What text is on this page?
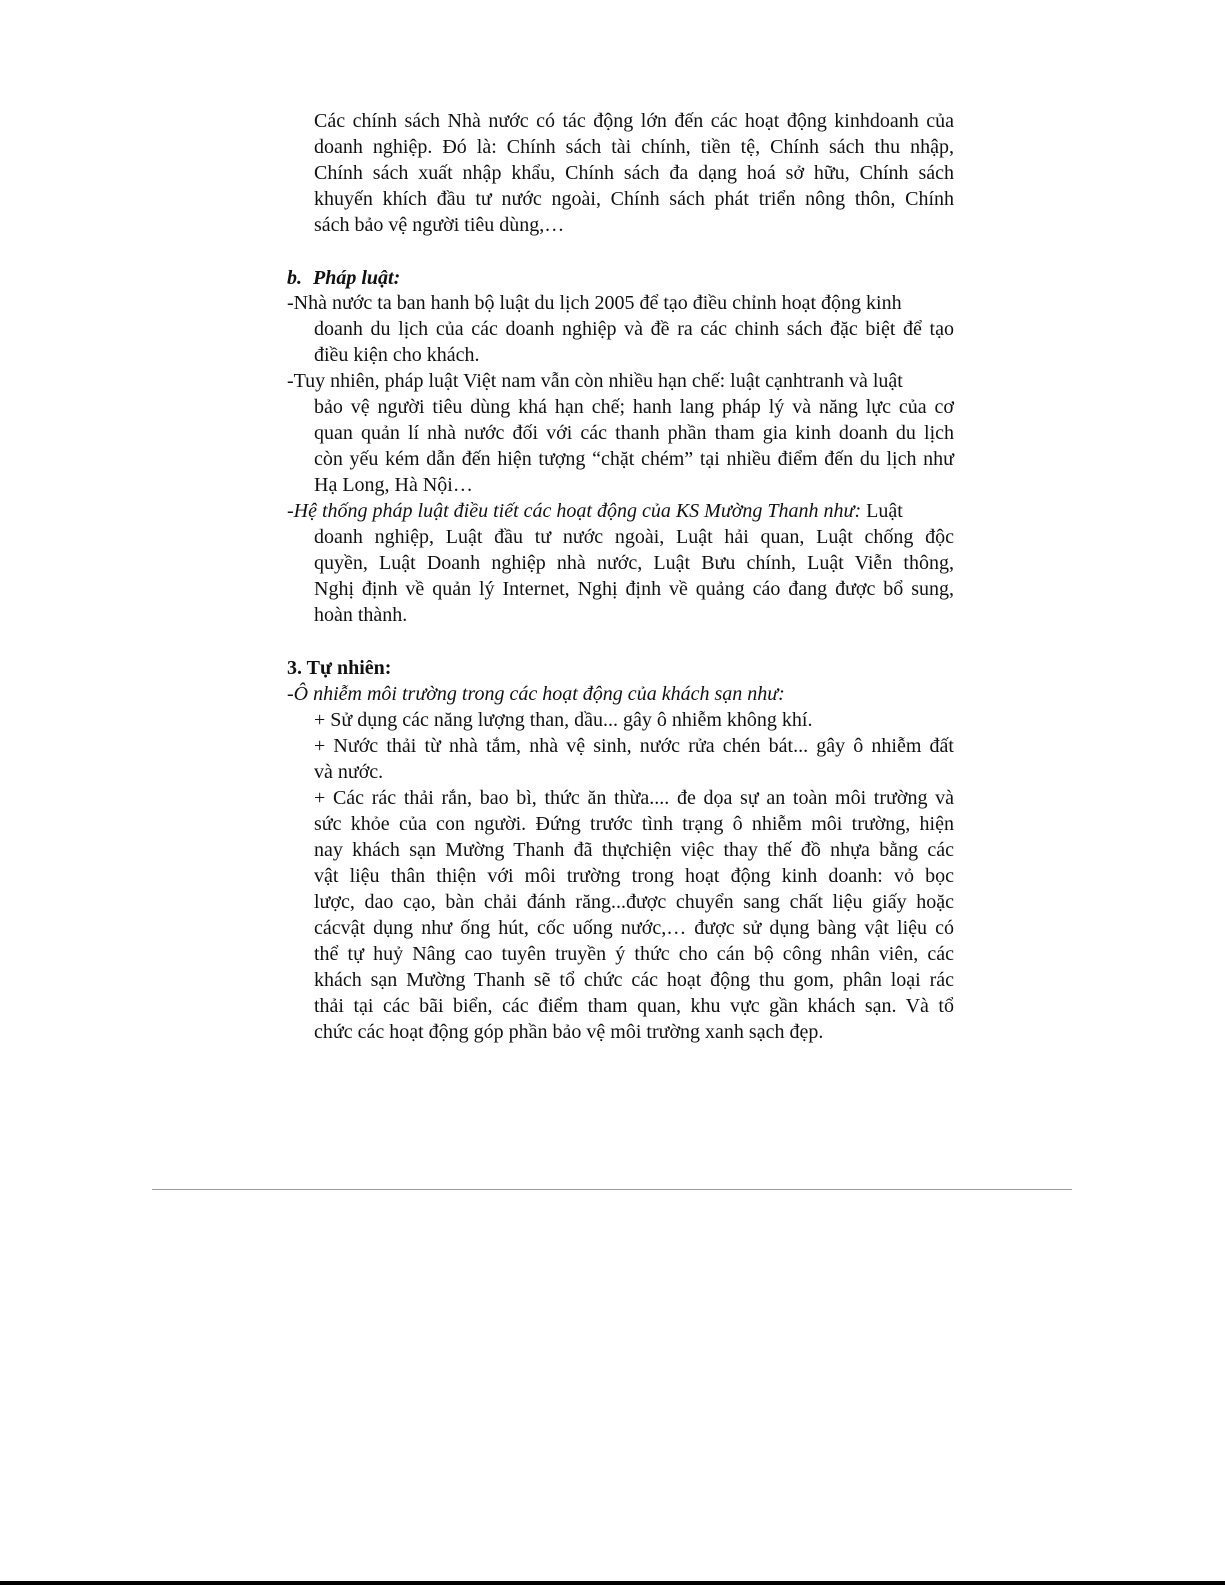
Các chính sách Nhà nước có tác động lớn đến các hoạt động kinhdoanh của
doanh nghiệp. Đó là: Chính sách tài chính, tiền tệ, Chính sách thu nhập,
Chính sách xuất nhập khẩu, Chính sách đa dạng hoá sở hữu, Chính sách
khuyến khích đầu tư nước ngoài, Chính sách phát triển nông thôn, Chính
sách bảo vệ người tiêu dùng,…
b. Pháp luật:
-Nhà nước ta ban hanh bộ luật du lịch 2005 để tạo điều chỉnh hoạt động kinh
doanh du lịch của các doanh nghiệp và đề ra các chinh sách đặc biệt để tạo
điều kiện cho khách.
-Tuy nhiên, pháp luật Việt nam vẫn còn nhiều hạn chế: luật cạnhtranh và luật
bảo vệ người tiêu dùng khá hạn chế; hanh lang pháp lý và năng lực của cơ
quan quản lí nhà nước đối với các thanh phần tham gia kinh doanh du lịch
còn yếu kém dẫn đến hiện tượng “chặt chém” tại nhiều điểm đến du lịch như
Hạ Long, Hà Nội…
-Hệ thống pháp luật điều tiết các hoạt động của KS Mường Thanh như: Luật
doanh nghiệp, Luật đầu tư nước ngoài, Luật hải quan, Luật chống độc
quyền, Luật Doanh nghiệp nhà nước, Luật Bưu chính, Luật Viễn thông,
Nghị định về quản lý Internet, Nghị định về quảng cáo đang được bổ sung,
hoàn thành.
3. Tự nhiên:
-Ô nhiễm môi trường trong các hoạt động của khách sạn như:
+ Sử dụng các năng lượng than, dầu... gây ô nhiễm không khí.
+ Nước thải từ nhà tắm, nhà vệ sinh, nước rửa chén bát... gây ô nhiễm đất
và nước.
+ Các rác thải rắn, bao bì, thức ăn thừa.... đe dọa sự an toàn môi trường và
sức khỏe của con người. Đứng trước tình trạng ô nhiễm môi trường, hiện
nay khách sạn Mường Thanh đã thựchiện việc thay thế đồ nhựa bằng các
vật liệu thân thiện với môi trường trong hoạt động kinh doanh: vỏ bọc
lược, dao cạo, bàn chải đánh răng...được chuyển sang chất liệu giấy hoặc
cácvật dụng như ống hút, cốc uống nước,… được sử dụng bàng vật liệu có
thể tự huỷ Nâng cao tuyên truyền ý thức cho cán bộ công nhân viên, các
khách sạn Mường Thanh sẽ tổ chức các hoạt động thu gom, phân loại rác
thải tại các bãi biển, các điểm tham quan, khu vực gần khách sạn. Và tổ
chức các hoạt động góp phần bảo vệ môi trường xanh sạch đẹp.
